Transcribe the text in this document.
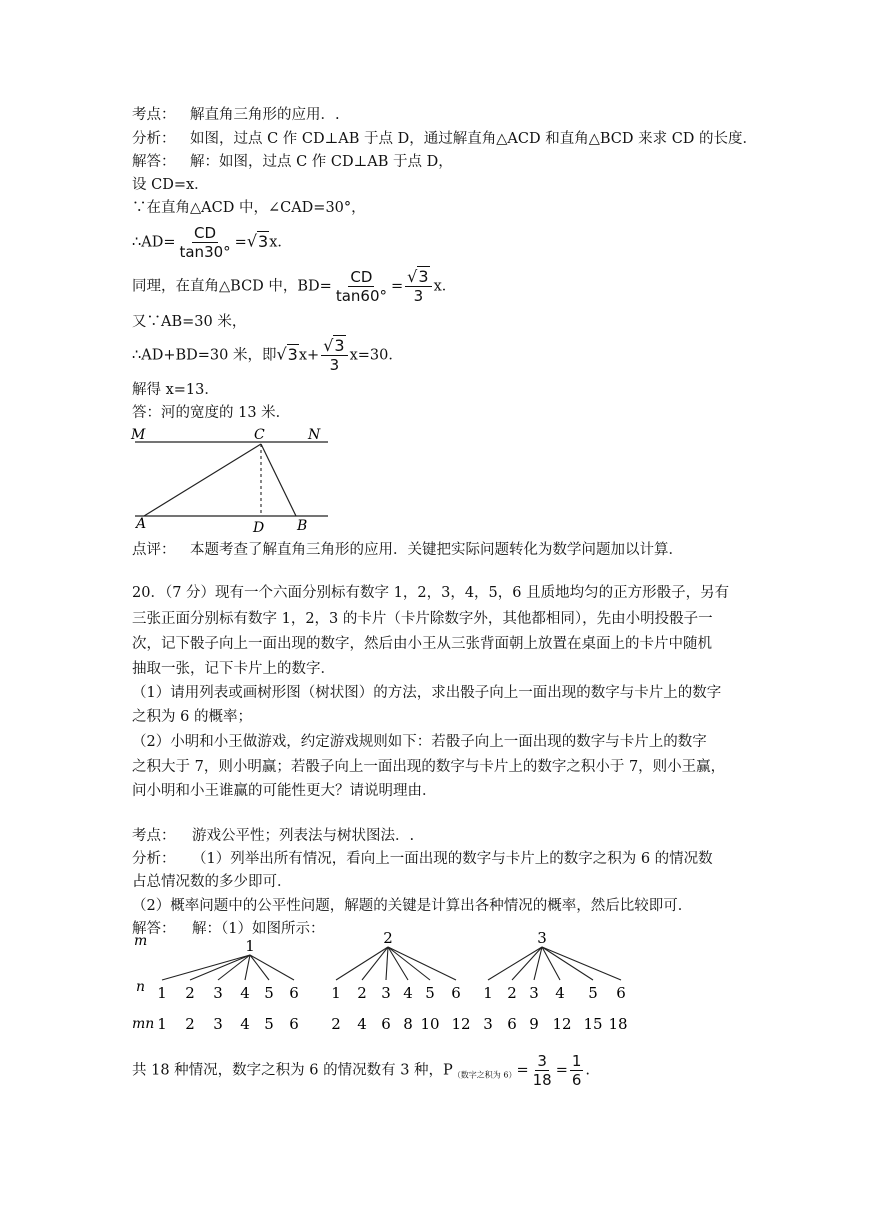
考点： 解直角三角形的应用．.
分析： 如图，过点 C 作 CD⊥AB 于点 D，通过解直角△ACD 和直角△BCD 来求 CD 的长度．
解答： 解：如图，过点 C 作 CD⊥AB 于点 D，
设 CD=x．
∵在直角△ACD 中，∠CAD=30°，
∴AD= $\frac{CD}{\tan 30^\circ} =√3x$．
同理，在直角△BCD 中，$BD= \frac{CD}{\tan 60^\circ} = \frac{√3}{3}$ x．
又∵AB=30 米，
∴AD+BD=30 米，即$√3x+ \frac{√3}{3} x=30$．
解得 x=13．
答：河的宽度的 13 米．
M	N
C
A	D B
点评： 本题考查了解直角三角形的应用．关键把实际问题转化为数学问题加以计算．
20．（7 分）现有一个六面分别标有数字 1，2，3，4，5，6 且质地均匀的正方形骰子，另有
三张正面分别标有数字 1，2，3 的卡片（卡片除数字外，其他都相同），先由小明投骰子一
次，记下骰子向上一面出现的数字，然后由小王从三张背面朝上放置在桌面上的卡片中随机
抽取一张，记下卡片上的数字．
（1）请用列表或画树形图（树状图）的方法，求出骰子向上一面出现的数字与卡片上的数字
之积为 6 的概率；
（2）小明和小王做游戏，约定游戏规则如下：若骰子向上一面出现的数字与卡片上的数字
之积大于 7，则小明赢；若骰子向上一面出现的数字与卡片上的数字之积小于 7，则小王赢，
问小明和小王谁赢的可能性更大？请说明理由．
考点： 游戏公平性；列表法与树状图法．.
分析： （1）列举出所有情况，看向上一面出现的数字与卡片上的数字之积为 6 的情况数
占总情况数的多少即可．
（2）概率问题中的公平性问题，解题的关键是计算出各种情况的概率，然后比较即可．
解答： 解：（1）如图所示：
m
n
mn
1
1
1
2
2
3
3
4
4
5
5
6
6
2
1
2
2
4
3
6
4
8
5
10
6
12
3
1
3
2
6
3
9
4
12
5
15
6
18
共 18 种情况，数字之积为 6 的情况数有 3 种，$P_{(数字之积为 6)}= \frac{3}{18} = \frac{1}{6}$ .
